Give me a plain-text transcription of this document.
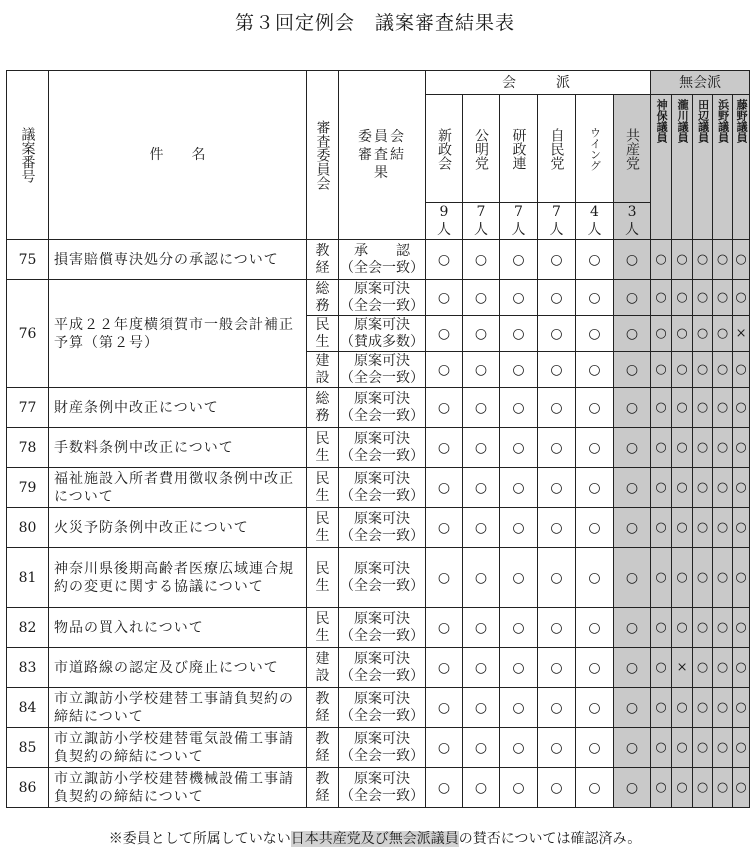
第３回定例会　議案審査結果表
議案番号	件　　名	審査委員会	委員会審査結果	会　　派						無会派				

				新政会	公明党	研政連	自民党	ウイング	共産党	神保議員	瀧川議員	田辺議員	浜野議員	藤野議員

				9人	7人	7人	7人	4人	3人					

75	損害賠償専決処分の承認について	教経	承　　認
（全会一致）	○	○	○	○	○	○	○	○	○	○	○
76	平成２２年度横須賀市一般会計補正予算（第２号）	総務	原案可決
（全会一致）	○	○	○	○	○	○	○	○	○	○	○

		民生	原案可決
（賛成多数）	○	○	○	○	○	○	○	○	○	○	×

		建設	原案可決
（全会一致）	○	○	○	○	○	○	○	○	○	○	○
77	財産条例中改正について	総務	原案可決
（全会一致）	○	○	○	○	○	○	○	○	○	○	○
78	手数料条例中改正について	民生	原案可決
（全会一致）	○	○	○	○	○	○	○	○	○	○	○
79	福祉施設入所者費用徴収条例中改正について	民生	原案可決
（全会一致）	○	○	○	○	○	○	○	○	○	○	○
80	火災予防条例中改正について	民生	原案可決
（全会一致）	○	○	○	○	○	○	○	○	○	○	○
81	神奈川県後期高齢者医療広域連合規約の変更に関する協議について	民生	原案可決
（全会一致）	○	○	○	○	○	○	○	○	○	○	○
82	物品の買入れについて	民生	原案可決
（全会一致）	○	○	○	○	○	○	○	○	○	○	○
83	市道路線の認定及び廃止について	建設	原案可決
（全会一致）	○	○	○	○	○	○	○	×	○	○	○
84	市立諏訪小学校建替工事請負契約の締結について	教経	原案可決
（全会一致）	○	○	○	○	○	○	○	○	○	○	○
85	市立諏訪小学校建替電気設備工事請負契約の締結について	教経	原案可決
（全会一致）	○	○	○	○	○	○	○	○	○	○	○
86	市立諏訪小学校建替機械設備工事請負契約の締結について	教経	原案可決
（全会一致）	○	○	○	○	○	○	○	○	○	○	○
※委員として所属していない日本共産党及び無会派議員の賛否については確認済み。
